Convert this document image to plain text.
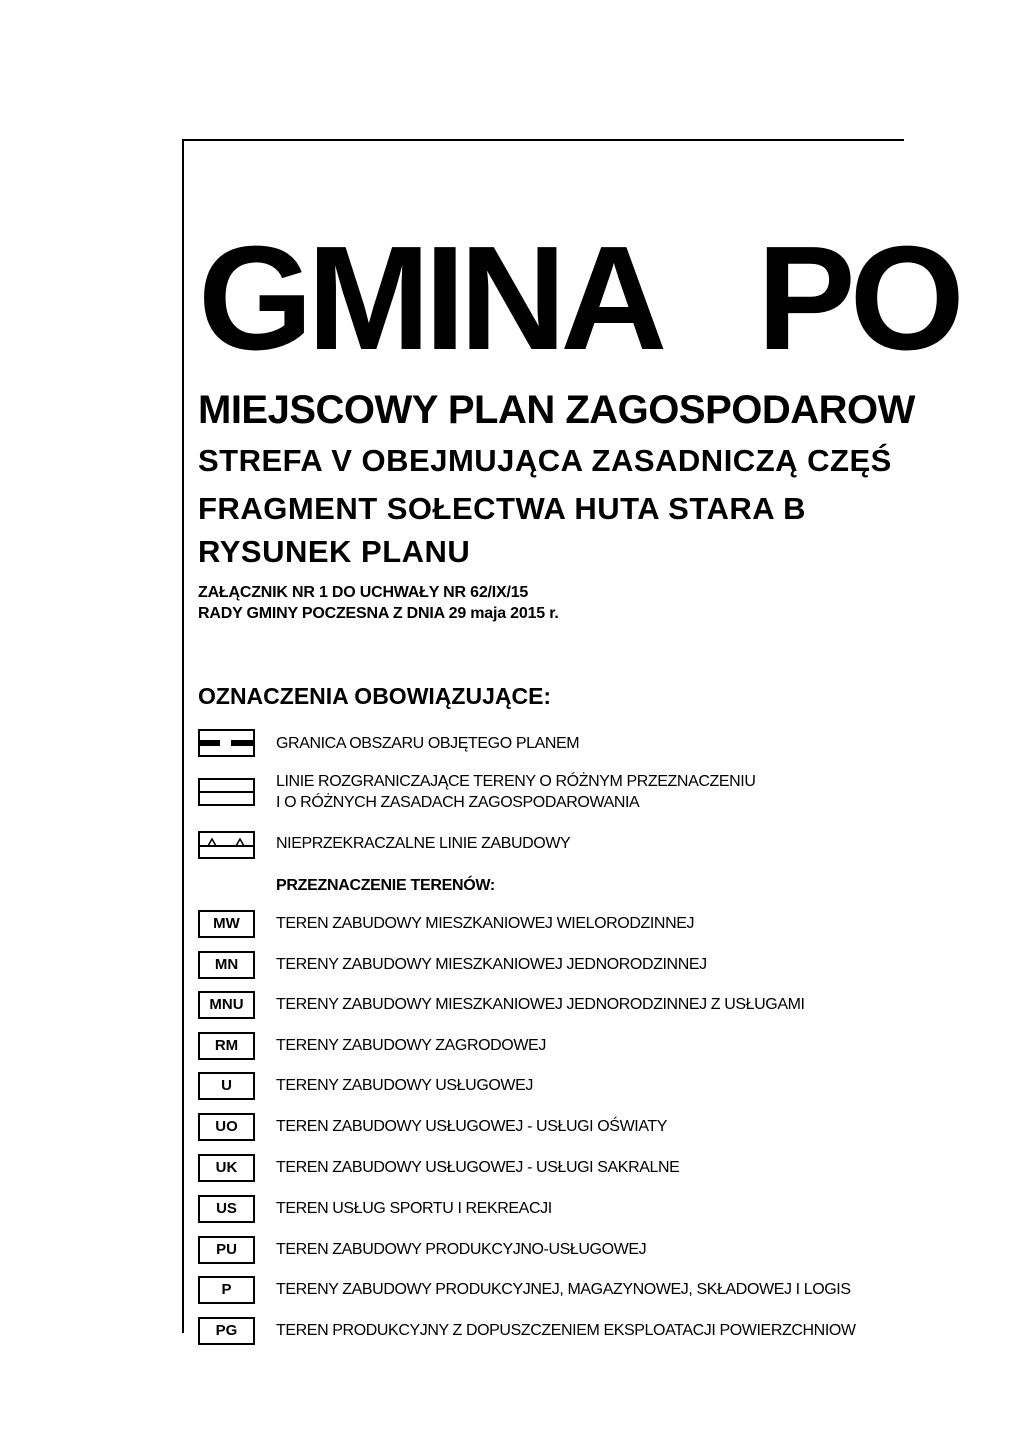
GMINA PO
MIEJSCOWY PLAN ZAGOSPODAROW
STREFA V OBEJMUJĄCA ZASADNICZĄ CZĘŚ
FRAGMENT SOŁECTWA HUTA STARA B
RYSUNEK PLANU
ZAŁĄCZNIK NR 1 DO UCHWAŁY NR 62/IX/15
RADY GMINY POCZESNA Z DNIA 29 maja 2015 r.
OZNACZENIA OBOWIĄZUJĄCE:
GRANICA OBSZARU OBJĘTEGO PLANEM
LINIE ROZGRANICZAJĄCE TERENY O RÓŻNYM PRZEZNACZENIU
I O RÓŻNYCH ZASADACH ZAGOSPODAROWANIA
NIEPRZEKRACZALNE LINIE ZABUDOWY
PRZEZNACZENIE TERENÓW:
MW	TEREN ZABUDOWY MIESZKANIOWEJ WIELORODZINNEJ
MN	TERENY ZABUDOWY MIESZKANIOWEJ JEDNORODZINNEJ
MNU	TERENY ZABUDOWY MIESZKANIOWEJ JEDNORODZINNEJ Z USŁUGAMI
RM	TERENY ZABUDOWY ZAGRODOWEJ
U	TERENY ZABUDOWY USŁUGOWEJ
UO	TEREN ZABUDOWY USŁUGOWEJ - USŁUGI OŚWIATY
UK	TEREN ZABUDOWY USŁUGOWEJ - USŁUGI SAKRALNE
US	TEREN USŁUG SPORTU I REKREACJI
PU	TEREN ZABUDOWY PRODUKCYJNO-USŁUGOWEJ
P	TERENY ZABUDOWY PRODUKCYJNEJ, MAGAZYNOWEJ, SKŁADOWEJ I LOGIS
PG	TEREN PRODUKCYJNY Z DOPUSZCZENIEM EKSPLOATACJI POWIERZCHNIOW
